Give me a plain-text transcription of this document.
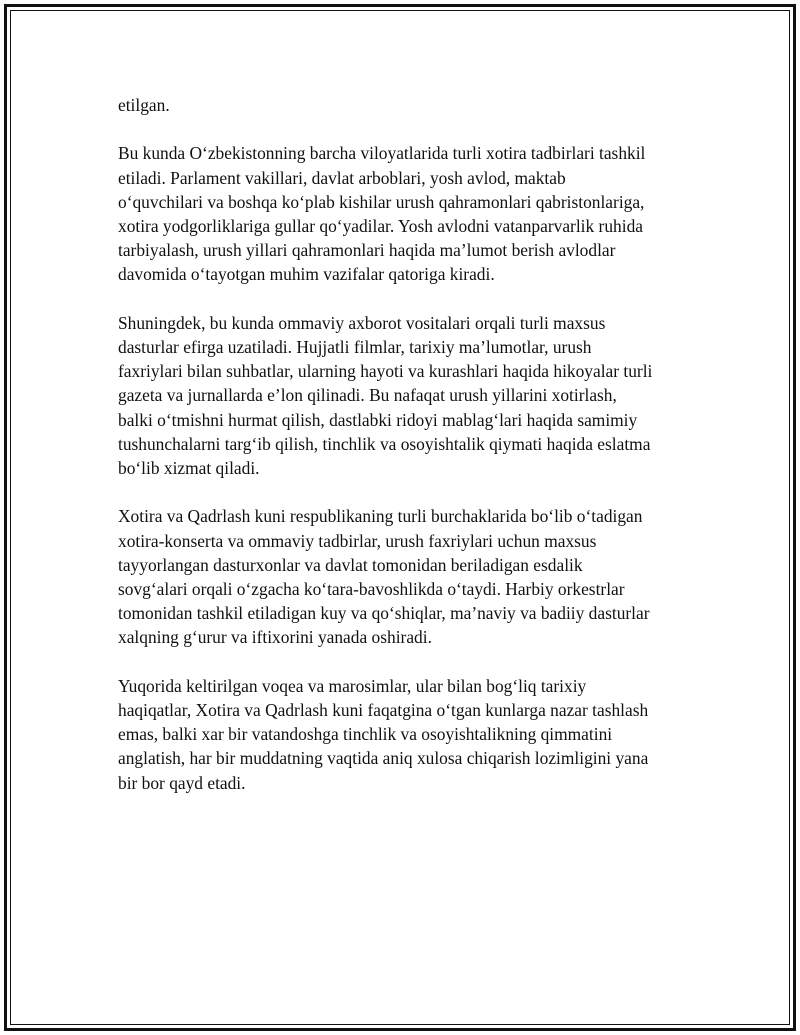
etilgan.

Bu kunda O‘zbekistonning barcha viloyatlarida turli xotira tadbirlari tashkil
etiladi. Parlament vakillari, davlat arboblari, yosh avlod, maktab
o‘quvchilari va boshqa ko‘plab kishilar urush qahramonlari qabristonlariga,
xotira yodgorliklariga gullar qo‘yadilar. Yosh avlodni vatanparvarlik ruhida
tarbiyalash, urush yillari qahramonlari haqida ma’lumot berish avlodlar
davomida o‘tayotgan muhim vazifalar qatoriga kiradi.

Shuningdek, bu kunda ommaviy axborot vositalari orqali turli maxsus
dasturlar efirga uzatiladi. Hujjatli filmlar, tarixiy ma’lumotlar, urush
faxriylari bilan suhbatlar, ularning hayoti va kurashlari haqida hikoyalar turli
gazeta va jurnallarda e’lon qilinadi. Bu nafaqat urush yillarini xotirlash,
balki o‘tmishni hurmat qilish, dastlabki ridoyi mablag‘lari haqida samimiy
tushunchalarni targ‘ib qilish, tinchlik va osoyishtalik qiymati haqida eslatma
bo‘lib xizmat qiladi.

Xotira va Qadrlash kuni respublikaning turli burchaklarida bo‘lib o‘tadigan
xotira-konserta va ommaviy tadbirlar, urush faxriylari uchun maxsus
tayyorlangan dasturxonlar va davlat tomonidan beriladigan esdalik
sovg‘alari orqali o‘zgacha ko‘tara-bavoshlikda o‘taydi. Harbiy orkestrlar
tomonidan tashkil etiladigan kuy va qo‘shiqlar, ma’naviy va badiiy dasturlar
xalqning g‘urur va iftixorini yanada oshiradi.

Yuqorida keltirilgan voqea va marosimlar, ular bilan bog‘liq tarixiy
haqiqatlar, Xotira va Qadrlash kuni faqatgina o‘tgan kunlarga nazar tashlash
emas, balki xar bir vatandoshga tinchlik va osoyishtalikning qimmatini
anglatish, har bir muddatning vaqtida aniq xulosa chiqarish lozimligini yana
bir bor qayd etadi.
